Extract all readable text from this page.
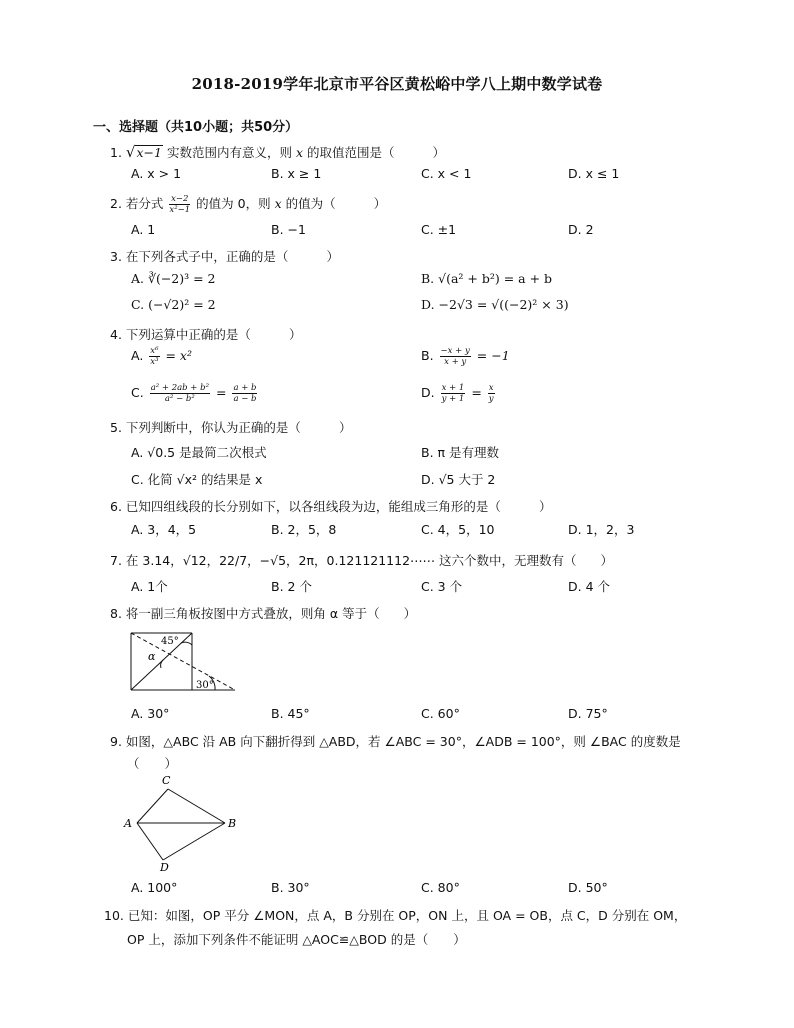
2018-2019学年北京市平谷区黄松峪中学八上期中数学试卷
一、选择题（共10小题；共50分）
1. √ x−1 实数范围内有意义，则 x 的取值范围是（	）
A. x > 1	B. x ≥ 1	C. x < 1	D. x ≤ 1
2. 若分式 $\frac{x-2}{\text{x²−1}}$ 的值为 0，则 x 的值为（	）
A. 1	B. −1	C. ±1	D. 2
3. 在下列各式子中，正确的是（	）
A. ∛(−2)³ = 2	B. √(a² + b²) = a + b
C. (−√2)² = 2	D. −2√3 = √((−2)² × 3)
4. 下列运算中正确的是（	）
A. $\frac{\text{x⁶}}{\text{x³}} = x^2$	B. $\frac{-x + y}{x + y} = -1$
C. $\frac{\text{a² + 2ab + b²}}{\text{a² − b²}} = \frac{a + b}{a - b}$	D. $\frac{x + 1}{y + 1} = \frac{x}{y}$
5. 下列判断中，你认为正确的是（	）
A. √0.5 是最简二次根式	B. π 是有理数
C. 化简 √x² 的结果是 x	D. √5 大于 2
6. 已知四组线段的长分别如下，以各组线段为边，能组成三角形的是（	）
A. 3，4，5	B. 2，5，8	C. 4，5，10	D. 1，2，3
7. 在 3.14，√12，22/7，−√5，2π，0.121121112⋯⋯ 这六个数中，无理数有（ ）
A. 1个	B. 2 个	C. 3 个	D. 4 个
8. 将一副三角板按图中方式叠放，则角 α 等于（ ）
45°
α
30°
A. 30°	B. 45°	C. 60°	D. 75°
9. 如图，△ABC 沿 AB 向下翻折得到 △ABD，若 ∠ABC = 30°，∠ADB = 100°，则 ∠BAC 的度数是
（　　）
C
A	B
D
A. 100°	B. 30°	C. 80°	D. 50°
10. 已知：如图，OP 平分 ∠MON，点 A，B 分别在 OP，ON 上，且 OA = OB，点 C，D 分别在 OM，
OP 上，添加下列条件不能证明 △AOC≌△BOD 的是（　　）
